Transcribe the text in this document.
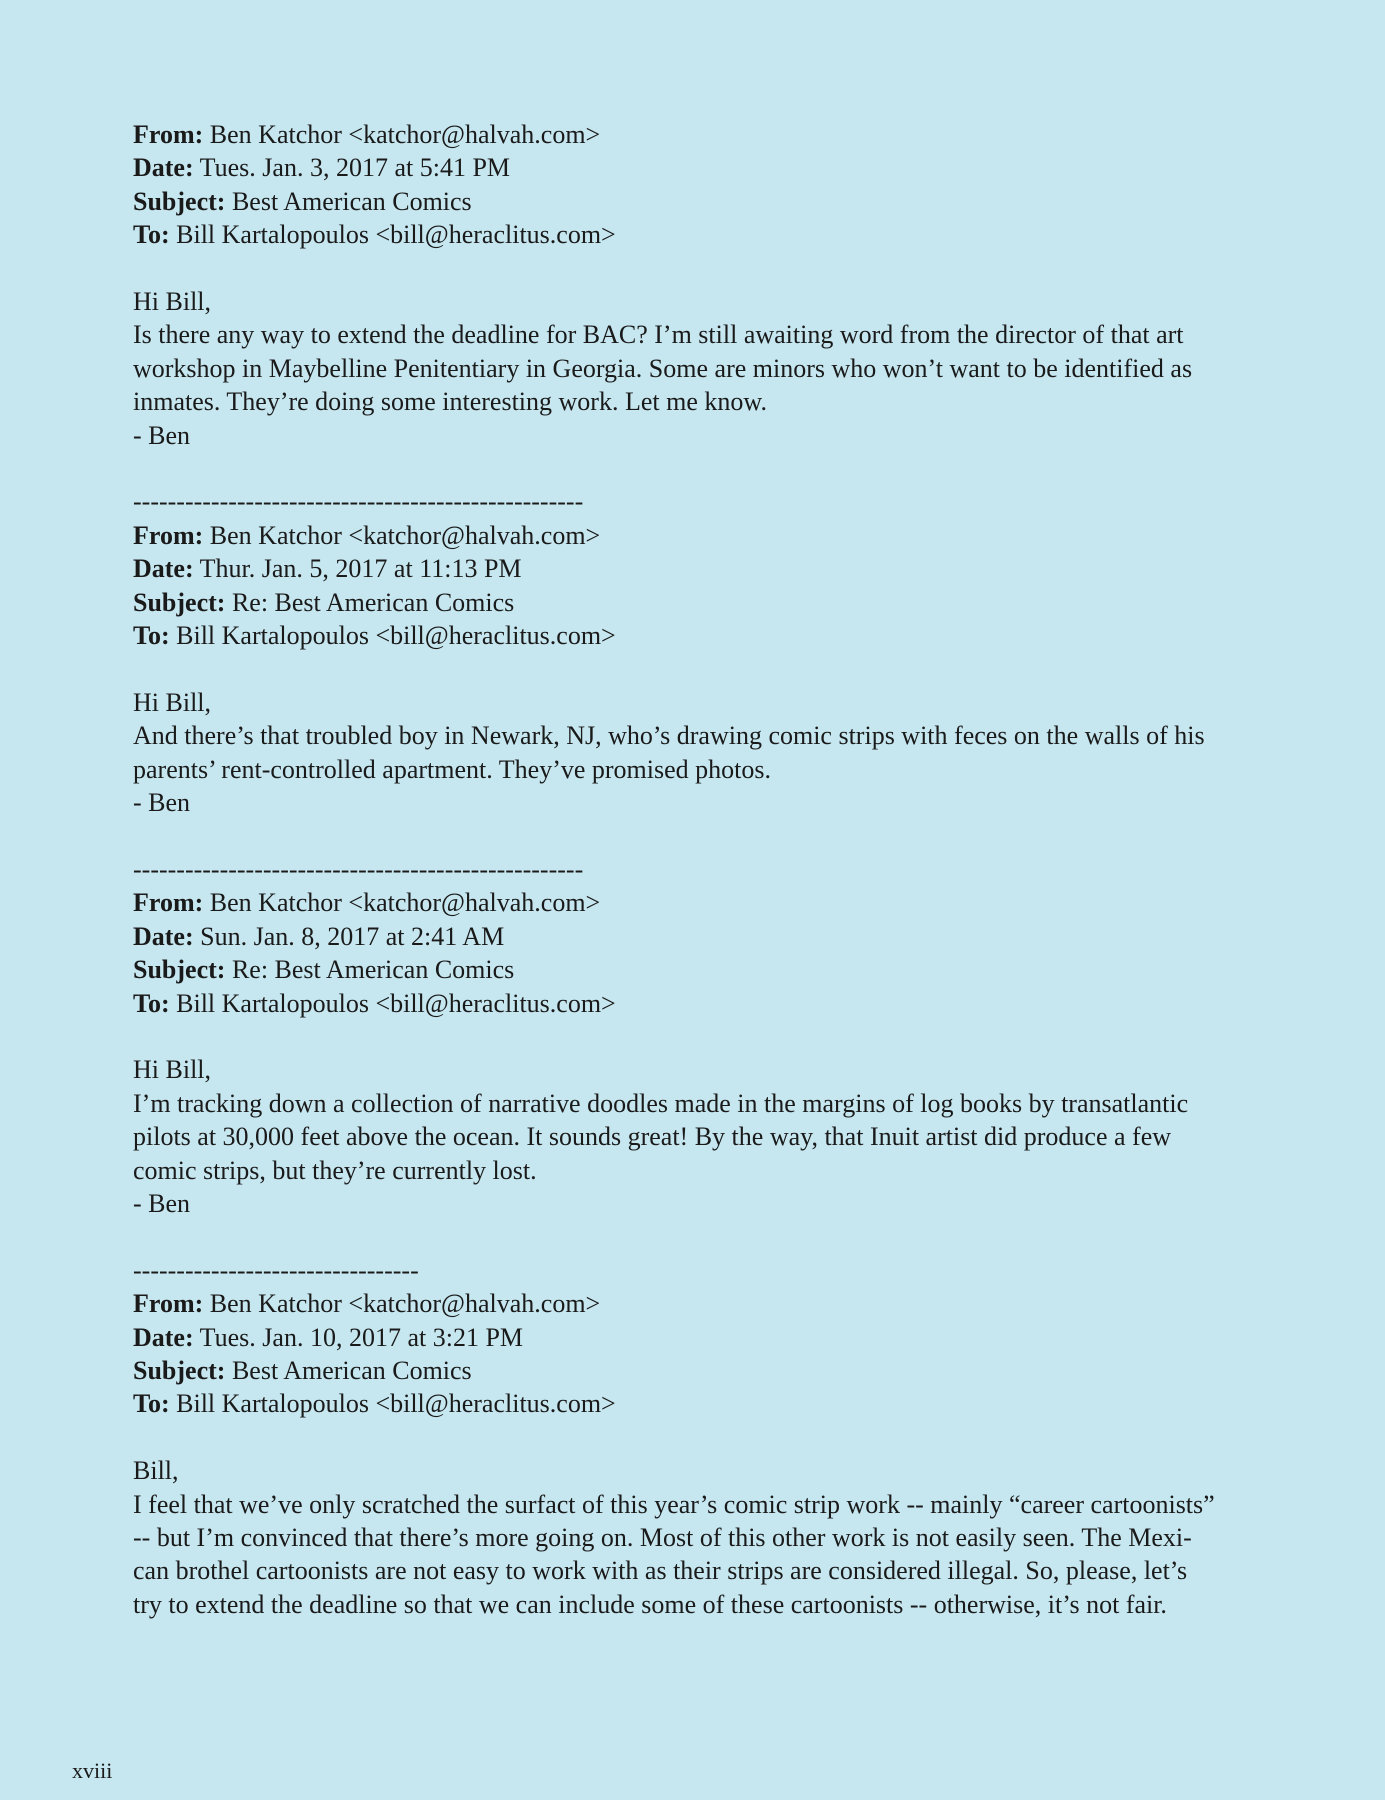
From: Ben Katchor <katchor@halvah.com>
Date: Tues. Jan. 3, 2017 at 5:41 PM
Subject: Best American Comics
To: Bill Kartalopoulos <bill@heraclitus.com>
Hi Bill,
Is there any way to extend the deadline for BAC? I’m still awaiting word from the director of that art
workshop in Maybelline Penitentiary in Georgia. Some are minors who won’t want to be identified as
inmates. They’re doing some interesting work. Let me know.
- Ben
----------------------------------------------------
From: Ben Katchor <katchor@halvah.com>
Date: Thur. Jan. 5, 2017 at 11:13 PM
Subject: Re: Best American Comics
To: Bill Kartalopoulos <bill@heraclitus.com>
Hi Bill,
And there’s that troubled boy in Newark, NJ, who’s drawing comic strips with feces on the walls of his
parents’ rent-controlled apartment. They’ve promised photos.
- Ben
----------------------------------------------------
From: Ben Katchor <katchor@halvah.com>
Date: Sun. Jan. 8, 2017 at 2:41 AM
Subject: Re: Best American Comics
To: Bill Kartalopoulos <bill@heraclitus.com>
Hi Bill,
I’m tracking down a collection of narrative doodles made in the margins of log books by transatlantic
pilots at 30,000 feet above the ocean. It sounds great! By the way, that Inuit artist did produce a few
comic strips, but they’re currently lost.
- Ben
---------------------------------
From: Ben Katchor <katchor@halvah.com>
Date: Tues. Jan. 10, 2017 at 3:21 PM
Subject: Best American Comics
To: Bill Kartalopoulos <bill@heraclitus.com>
Bill,
I feel that we’ve only scratched the surfact of this year’s comic strip work -- mainly “career cartoonists”
-- but I’m convinced that there’s more going on. Most of this other work is not easily seen. The Mexi-
can brothel cartoonists are not easy to work with as their strips are considered illegal. So, please, let’s
try to extend the deadline so that we can include some of these cartoonists -- otherwise, it’s not fair.
xviii
